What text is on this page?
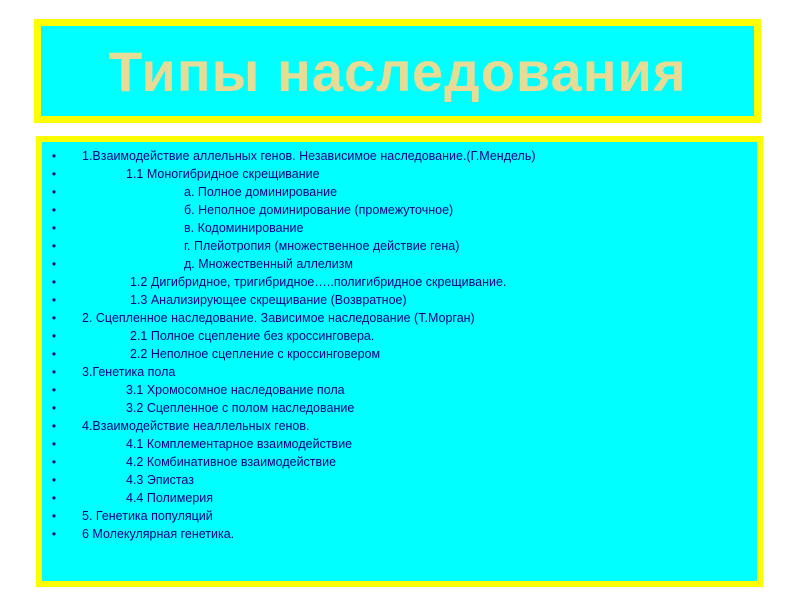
Типы наследования
• 1.Взаимодействие аллельных генов. Независимое наследование.(Г.Мендель)
•	1.1 Моногибридное скрещивание
•	а. Полное доминирование
•	б. Неполное доминирование (промежуточное)
•	в. Кодоминирование
•	г. Плейотропия (множественное действие гена)
•	д. Множественный аллелизм
•	1.2 Дигибридное, тригибридное…..полигибридное скрещивание.
•	1.3 Анализирующее скрещивание (Возвратное)
• 2. Сцепленное наследование. Зависимое наследование (Т.Морган)
•	2.1 Полное сцепление без кроссинговера.
•	2.2 Неполное сцепление с кроссинговером
• 3.Генетика пола
•	3.1 Хромосомное наследование пола
•	3.2 Сцепленное с полом наследование
• 4.Взаимодействие неаллельных генов.
•	4.1 Комплементарное взаимодействие
•	4.2 Комбинативное взаимодействие
•	4.3 Эпистаз
•	4.4 Полимерия
• 5. Генетика популяций
• 6 Молекулярная генетика.
